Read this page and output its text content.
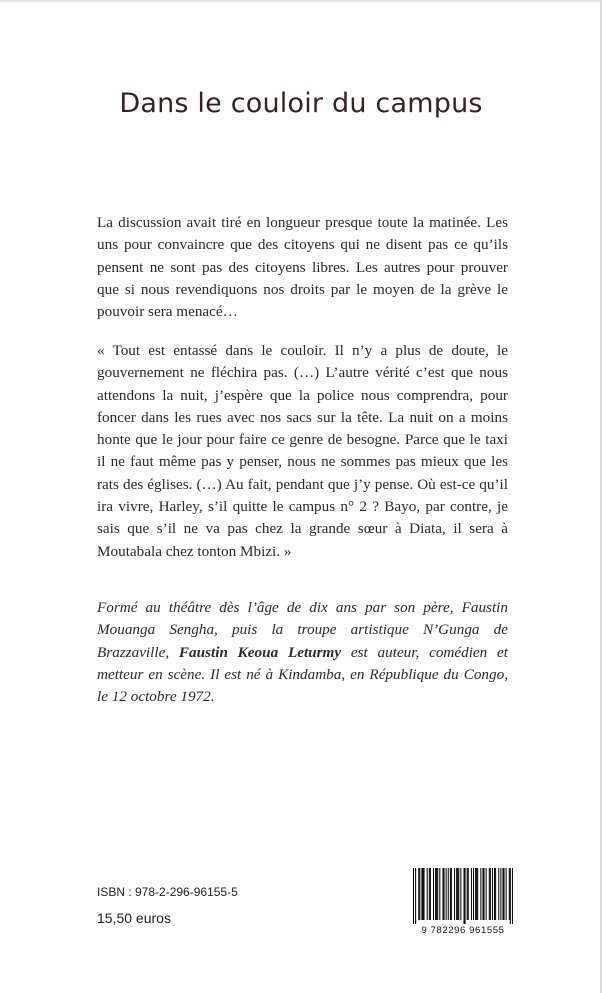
Dans le couloir du campus

La discussion avait tiré en longueur presque toute la matinée. Les uns pour convaincre que des citoyens qui ne disent pas ce qu’ils pensent ne sont pas des citoyens libres. Les autres pour prouver que si nous revendiquons nos droits par le moyen de la grève le pouvoir sera menacé…

« Tout est entassé dans le couloir. Il n’y a plus de doute, le gouvernement ne fléchira pas. (…) L’autre vérité c’est que nous attendons la nuit, j’espère que la police nous comprendra, pour foncer dans les rues avec nos sacs sur la tête. La nuit on a moins honte que le jour pour faire ce genre de besogne. Parce que le taxi il ne faut même pas y penser, nous ne sommes pas mieux que les rats des églises. (…) Au fait, pendant que j’y pense. Où est-ce qu’il ira vivre, Harley, s’il quitte le campus n° 2 ? Bayo, par contre, je sais que s’il ne va pas chez la grande sœur à Diata, il sera à Moutabala chez tonton Mbizi. »

Formé au théâtre dès l’âge de dix ans par son père, Faustin Mouanga Sengha, puis la troupe artistique N’Gunga de Brazzaville, Faustin Keoua Leturmy est auteur, comédien et metteur en scène. Il est né à Kindamba, en République du Congo, le 12 octobre 1972.

ISBN : 978-2-296-96155-5
15,50 euros
9 782296 961555
